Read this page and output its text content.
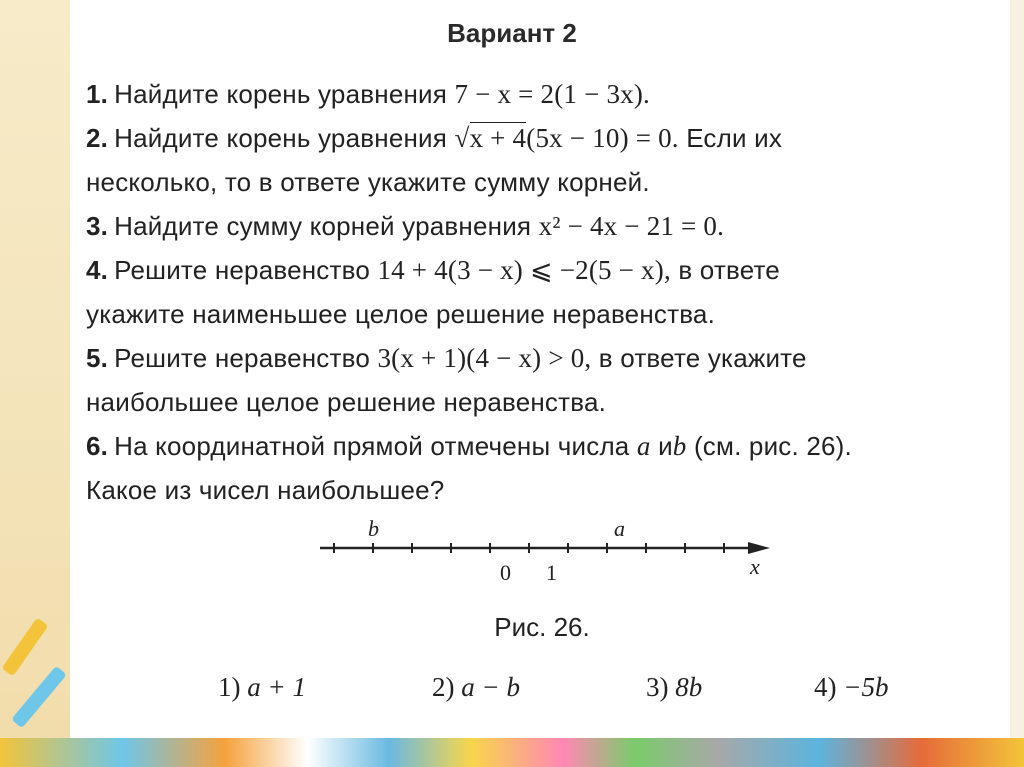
Вариант 2
1. Найдите корень уравнения 7 − x = 2(1 − 3x).
2. Найдите корень уравнения √x + 4(5x − 10) = 0. Если их
несколько, то в ответе укажите сумму корней.
3. Найдите сумму корней уравнения x² − 4x − 21 = 0.
4. Решите неравенство 14 + 4(3 − x) ⩽ −2(5 − x), в ответе
укажите наименьшее целое решение неравенства.
5. Решите неравенство 3(x + 1)(4 − x) > 0, в ответе укажите
наибольшее целое решение неравенства.
6. На координатной прямой отмечены числа a иb (см. рис. 26).
Какое из чисел наибольшее?
b	a
0 1	x
Рис. 26.
1) a + 1	2) a − b	3) 8b	4) −5b
